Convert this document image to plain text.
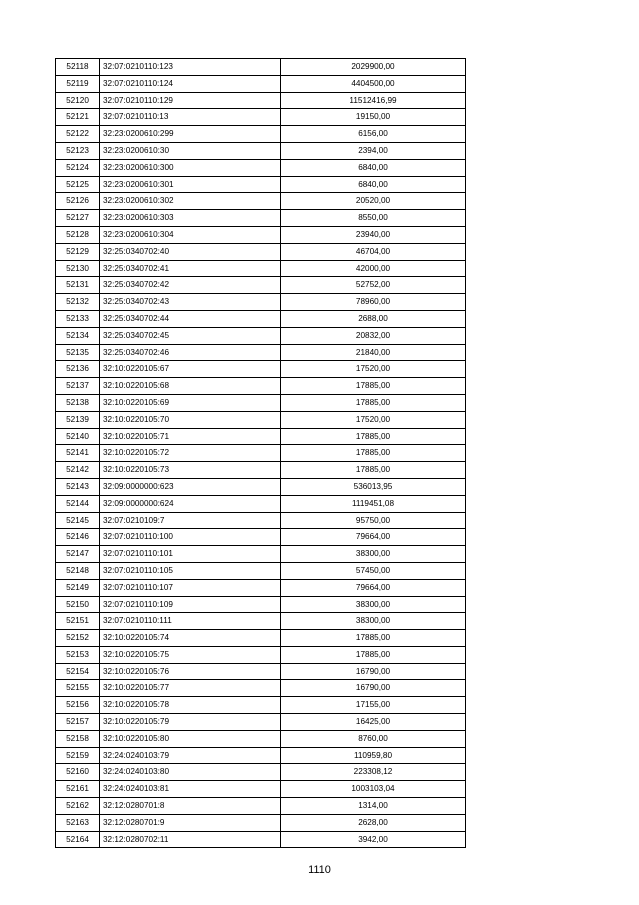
52118	32:07:0210110:123	2029900,00
52119	32:07:0210110:124	4404500,00
52120	32:07:0210110:129	11512416,99
52121	32:07:0210110:13	19150,00
52122	32:23:0200610:299	6156,00
52123	32:23:0200610:30	2394,00
52124	32:23:0200610:300	6840,00
52125	32:23:0200610:301	6840,00
52126	32:23:0200610:302	20520,00
52127	32:23:0200610:303	8550,00
52128	32:23:0200610:304	23940,00
52129	32:25:0340702:40	46704,00
52130	32:25:0340702:41	42000,00
52131	32:25:0340702:42	52752,00
52132	32:25:0340702:43	78960,00
52133	32:25:0340702:44	2688,00
52134	32:25:0340702:45	20832,00
52135	32:25:0340702:46	21840,00
52136	32:10:0220105:67	17520,00
52137	32:10:0220105:68	17885,00
52138	32:10:0220105:69	17885,00
52139	32:10:0220105:70	17520,00
52140	32:10:0220105:71	17885,00
52141	32:10:0220105:72	17885,00
52142	32:10:0220105:73	17885,00
52143	32:09:0000000:623	536013,95
52144	32:09:0000000:624	1119451,08
52145	32:07:0210109:7	95750,00
52146	32:07:0210110:100	79664,00
52147	32:07:0210110:101	38300,00
52148	32:07:0210110:105	57450,00
52149	32:07:0210110:107	79664,00
52150	32:07:0210110:109	38300,00
52151	32:07:0210110:111	38300,00
52152	32:10:0220105:74	17885,00
52153	32:10:0220105:75	17885,00
52154	32:10:0220105:76	16790,00
52155	32:10:0220105:77	16790,00
52156	32:10:0220105:78	17155,00
52157	32:10:0220105:79	16425,00
52158	32:10:0220105:80	8760,00
52159	32:24:0240103:79	110959,80
52160	32:24:0240103:80	223308,12
52161	32:24:0240103:81	1003103,04
52162	32:12:0280701:8	1314,00
52163	32:12:0280701:9	2628,00
52164	32:12:0280702:11	3942,00
1110
